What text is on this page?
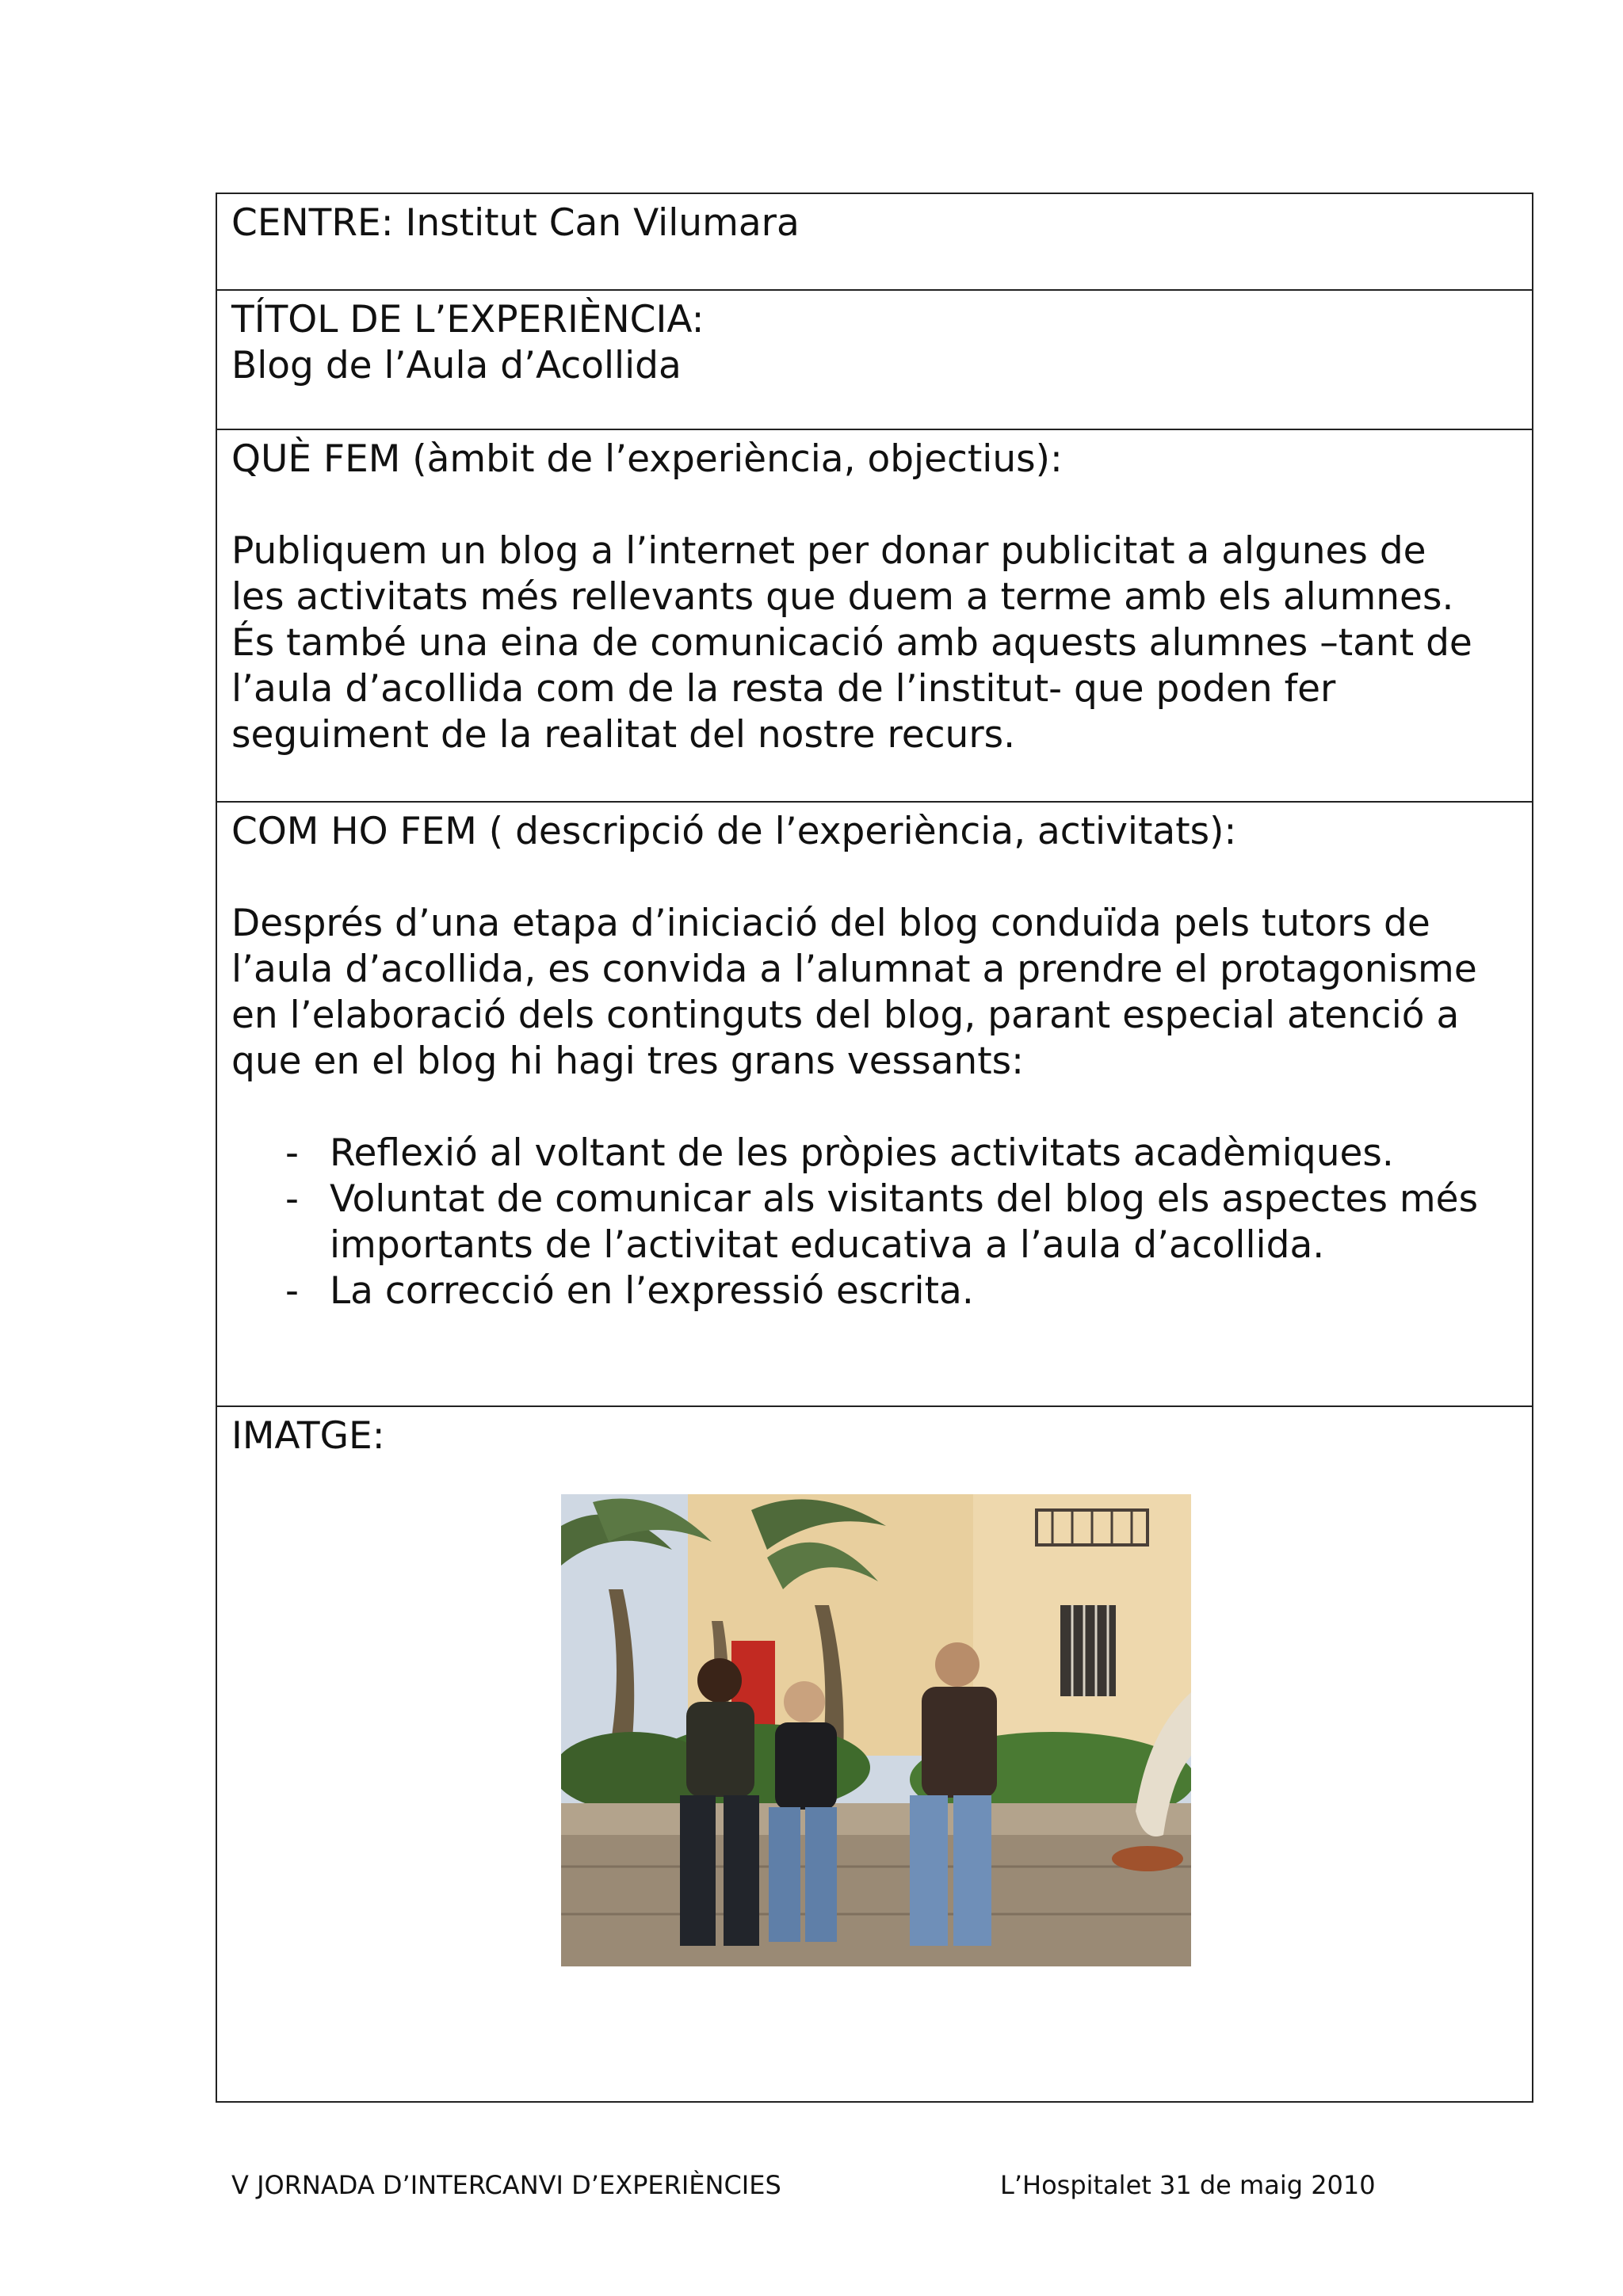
CENTRE: Institut Can Vilumara

TÍTOL DE L’EXPERIÈNCIA:

Blog de l’Aula d’Acollida

QUÈ FEM (àmbit de l’experiència, objectius):

Publiquem un blog a l’internet per donar publicitat a algunes de

les activitats més rellevants que duem a terme amb els alumnes.

És també una eina de comunicació amb aquests alumnes –tant de

l’aula d’acollida com de la resta de l’institut- que poden fer

seguiment de la realitat del nostre recurs.

COM HO FEM ( descripció de l’experiència, activitats):

Després d’una etapa d’iniciació del blog conduïda pels tutors de

l’aula d’acollida, es convida a l’alumnat a prendre el protagonisme

en l’elaboració dels continguts del blog, parant especial atenció a

que en el blog hi hagi tres grans vessants:

- Reflexió al voltant de les pròpies activitats acadèmiques.
- Voluntat de comunicar als visitants del blog els aspectes més
importants de l’activitat educativa a l’aula d’acollida.
- La correcció en l’expressió escrita.

IMATGE:

V JORNADA D’INTERCANVI D’EXPERIÈNCIES	L’Hospitalet 31 de maig 2010
